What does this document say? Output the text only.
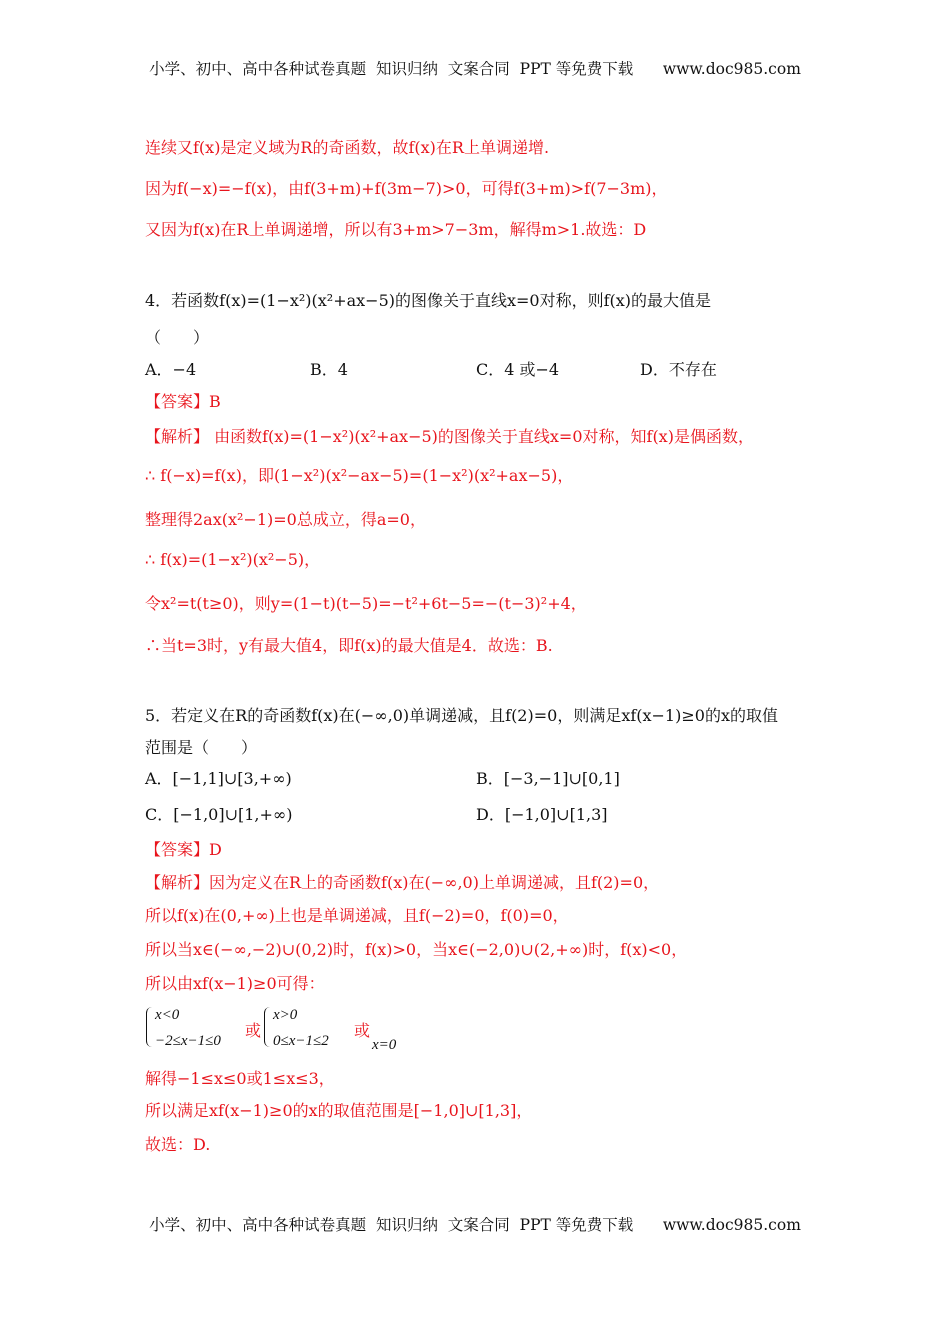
小学、初中、高中各种试卷真题  知识归纳  文案合同  PPT 等免费下载      www.doc985.com
连续又f(x)是定义域为R的奇函数，故f(x)在R上单调递增.
因为f(−x)=−f(x)，由f(3+m)+f(3m−7)>0，可得f(3+m)>f(7−3m)，
又因为f(x)在R上单调递增，所以有3+m>7−3m，解得m>1.故选：D
4．若函数f(x)=(1−x²)(x²+ax−5)的图像关于直线x=0对称，则f(x)的最大值是
（　　）
A．−4	B．4	C．4 或−4	D．不存在
【答案】B
【解析】 由函数f(x)=(1−x²)(x²+ax−5)的图像关于直线x=0对称，知f(x)是偶函数，
∴ f(−x)=f(x)，即(1−x²)(x²−ax−5)=(1−x²)(x²+ax−5)，
整理得2ax(x²−1)=0总成立，得a=0，
∴ f(x)=(1−x²)(x²−5)，
令x²=t(t≥0)，则y=(1−t)(t−5)=−t²+6t−5=−(t−3)²+4，
∴当t=3时，y有最大值4，即f(x)的最大值是4．故选：B.
5．若定义在R的奇函数f(x)在(−∞,0)单调递减，且f(2)=0，则满足xf(x−1)≥0的x的取值
范围是（　　）
A．[−1,1]∪[3,+∞)	B．[−3,−1]∪[0,1]
C．[−1,0]∪[1,+∞)	D．[−1,0]∪[1,3]
【答案】D
【解析】因为定义在R上的奇函数f(x)在(−∞,0)上单调递减，且f(2)=0，
所以f(x)在(0,+∞)上也是单调递减，且f(−2)=0，f(0)=0，
所以当x∈(−∞,−2)∪(0,2)时，f(x)>0，当x∈(−2,0)∪(2,+∞)时，f(x)<0，
所以由xf(x−1)≥0可得：
x<0
−2≤x−1≤0
或
x>0
0≤x−1≤2
或
x=0
解得−1≤x≤0或1≤x≤3，
所以满足xf(x−1)≥0的x的取值范围是[−1,0]∪[1,3]，
故选：D.
小学、初中、高中各种试卷真题  知识归纳  文案合同  PPT 等免费下载      www.doc985.com
